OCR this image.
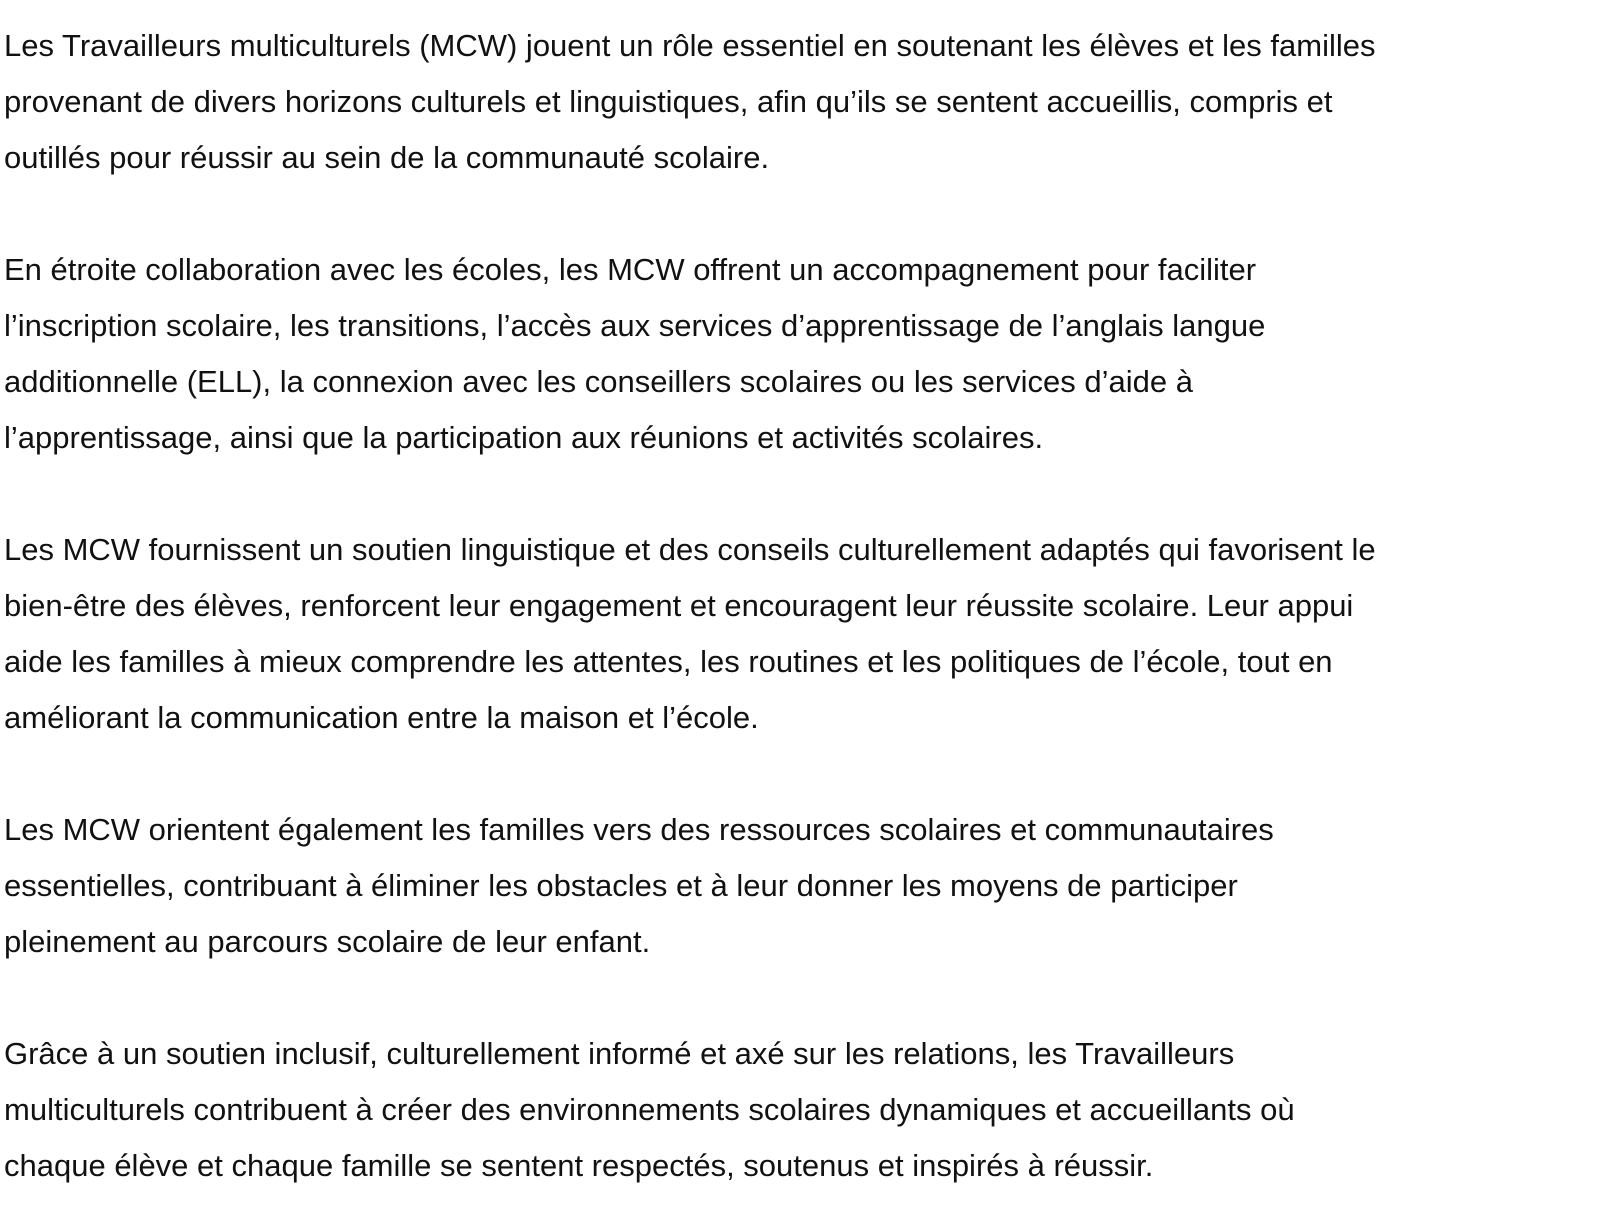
Les Travailleurs multiculturels (MCW) jouent un rôle essentiel en soutenant les élèves et les familles
provenant de divers horizons culturels et linguistiques, afin qu’ils se sentent accueillis, compris et
outillés pour réussir au sein de la communauté scolaire.

En étroite collaboration avec les écoles, les MCW offrent un accompagnement pour faciliter
l’inscription scolaire, les transitions, l’accès aux services d’apprentissage de l’anglais langue
additionnelle (ELL), la connexion avec les conseillers scolaires ou les services d’aide à
l’apprentissage, ainsi que la participation aux réunions et activités scolaires.

Les MCW fournissent un soutien linguistique et des conseils culturellement adaptés qui favorisent le
bien-être des élèves, renforcent leur engagement et encouragent leur réussite scolaire. Leur appui
aide les familles à mieux comprendre les attentes, les routines et les politiques de l’école, tout en
améliorant la communication entre la maison et l’école.

Les MCW orientent également les familles vers des ressources scolaires et communautaires
essentielles, contribuant à éliminer les obstacles et à leur donner les moyens de participer
pleinement au parcours scolaire de leur enfant.

Grâce à un soutien inclusif, culturellement informé et axé sur les relations, les Travailleurs
multiculturels contribuent à créer des environnements scolaires dynamiques et accueillants où
chaque élève et chaque famille se sentent respectés, soutenus et inspirés à réussir.
